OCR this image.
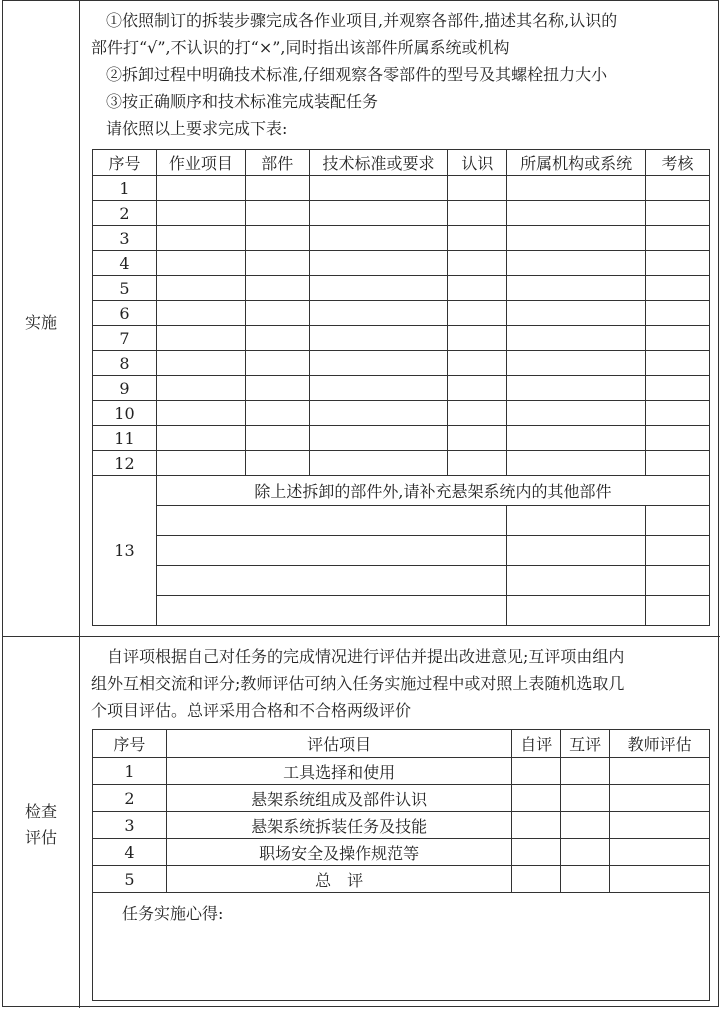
实施
检查
评估

①依照制订的拆装步骤完成各作业项目,并观察各部件,描述其名称,认识的

部件打“√”,不认识的打“×”,同时指出该部件所属系统或机构

②拆卸过程中明确技术标准,仔细观察各零部件的型号及其螺栓扭力大小

③按正确顺序和技术标准完成装配任务

请依照以上要求完成下表:

序号	作业项目	部件	技术标准或要求	认识	所属机构或系统	考核
1						
2						
3						
4						
5						
6						
7						
8						
9						
10						
11						
12						
13	除上述拆卸的部件外,请补充悬架系统内的其他部件					

自评项根据自己对任务的完成情况进行评估并提出改进意见;互评项由组内

组外互相交流和评分;教师评估可纳入任务实施过程中或对照上表随机选取几

个项目评估。总评采用合格和不合格两级评价

序号	评估项目	自评	互评	教师评估
1	工具选择和使用			
2	悬架系统组成及部件认识			
3	悬架系统拆装任务及技能			
4	职场安全及操作规范等			
5	总　评			
任务实施心得:				
